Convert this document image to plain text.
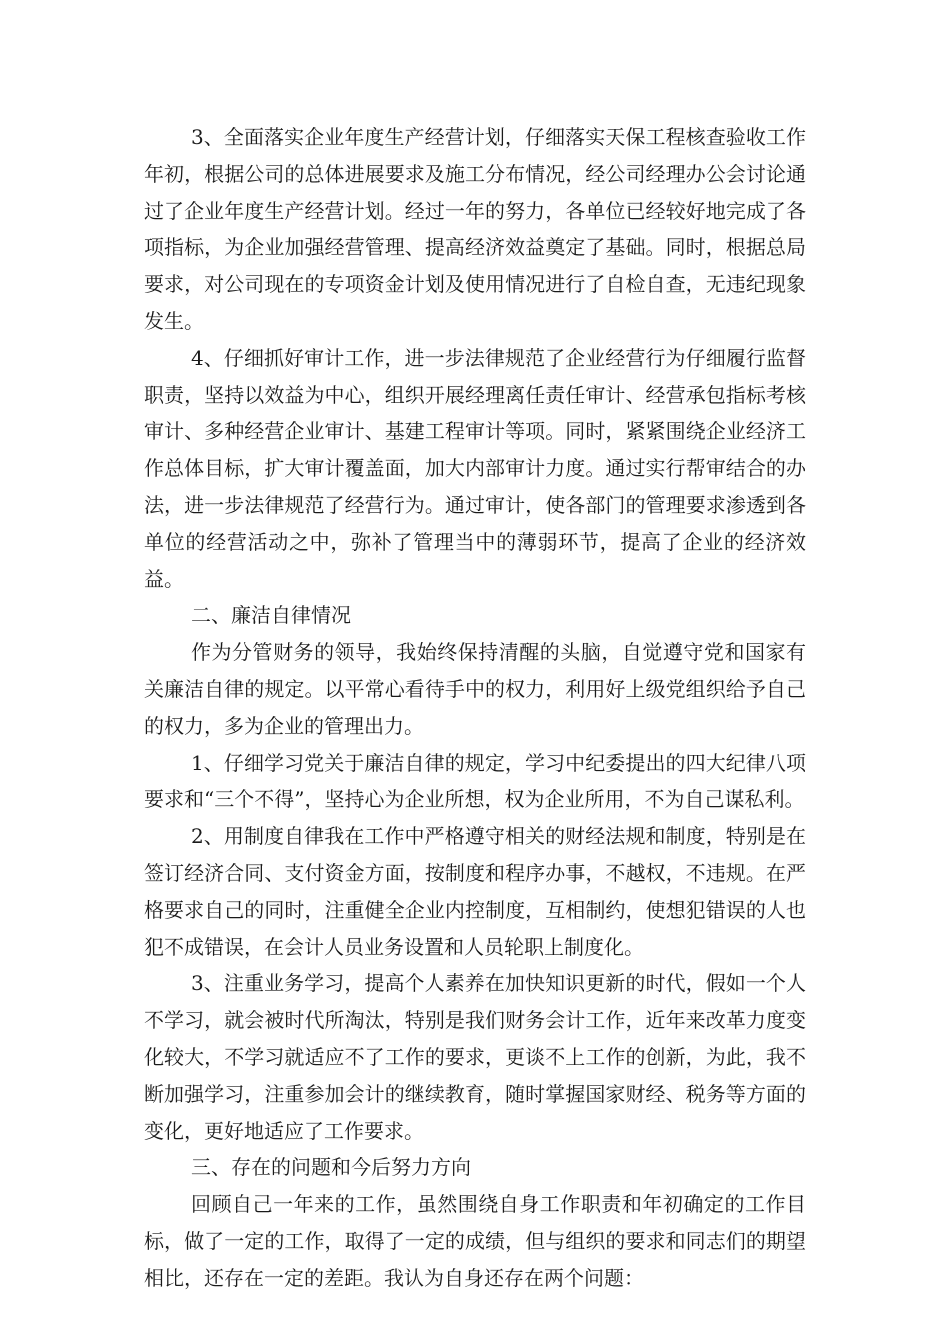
3、全面落实企业年度生产经营计划，仔细落实天保工程核查验收工作年初，根据公司的总体进展要求及施工分布情况，经公司经理办公会讨论通过了企业年度生产经营计划。经过一年的努力，各单位已经较好地完成了各项指标，为企业加强经营管理、提高经济效益奠定了基础。同时，根据总局要求，对公司现在的专项资金计划及使用情况进行了自检自查，无违纪现象发生。

4、仔细抓好审计工作，进一步法律规范了企业经营行为仔细履行监督职责，坚持以效益为中心，组织开展经理离任责任审计、经营承包指标考核审计、多种经营企业审计、基建工程审计等项。同时，紧紧围绕企业经济工作总体目标，扩大审计覆盖面，加大内部审计力度。通过实行帮审结合的办法，进一步法律规范了经营行为。通过审计，使各部门的管理要求渗透到各单位的经营活动之中，弥补了管理当中的薄弱环节，提高了企业的经济效益。

二、廉洁自律情况

作为分管财务的领导，我始终保持清醒的头脑，自觉遵守党和国家有关廉洁自律的规定。以平常心看待手中的权力，利用好上级党组织给予自己的权力，多为企业的管理出力。

1、仔细学习党关于廉洁自律的规定，学习中纪委提出的四大纪律八项要求和“三个不得”，坚持心为企业所想，权为企业所用，不为自己谋私利。

2、用制度自律我在工作中严格遵守相关的财经法规和制度，特别是在签订经济合同、支付资金方面，按制度和程序办事，不越权，不违规。在严格要求自己的同时，注重健全企业内控制度，互相制约，使想犯错误的人也犯不成错误，在会计人员业务设置和人员轮职上制度化。

3、注重业务学习，提高个人素养在加快知识更新的时代，假如一个人不学习，就会被时代所淘汰，特别是我们财务会计工作，近年来改革力度变化较大，不学习就适应不了工作的要求，更谈不上工作的创新，为此，我不断加强学习，注重参加会计的继续教育，随时掌握国家财经、税务等方面的变化，更好地适应了工作要求。

三、存在的问题和今后努力方向

回顾自己一年来的工作，虽然围绕自身工作职责和年初确定的工作目标，做了一定的工作，取得了一定的成绩，但与组织的要求和同志们的期望相比，还存在一定的差距。我认为自身还存在两个问题：
